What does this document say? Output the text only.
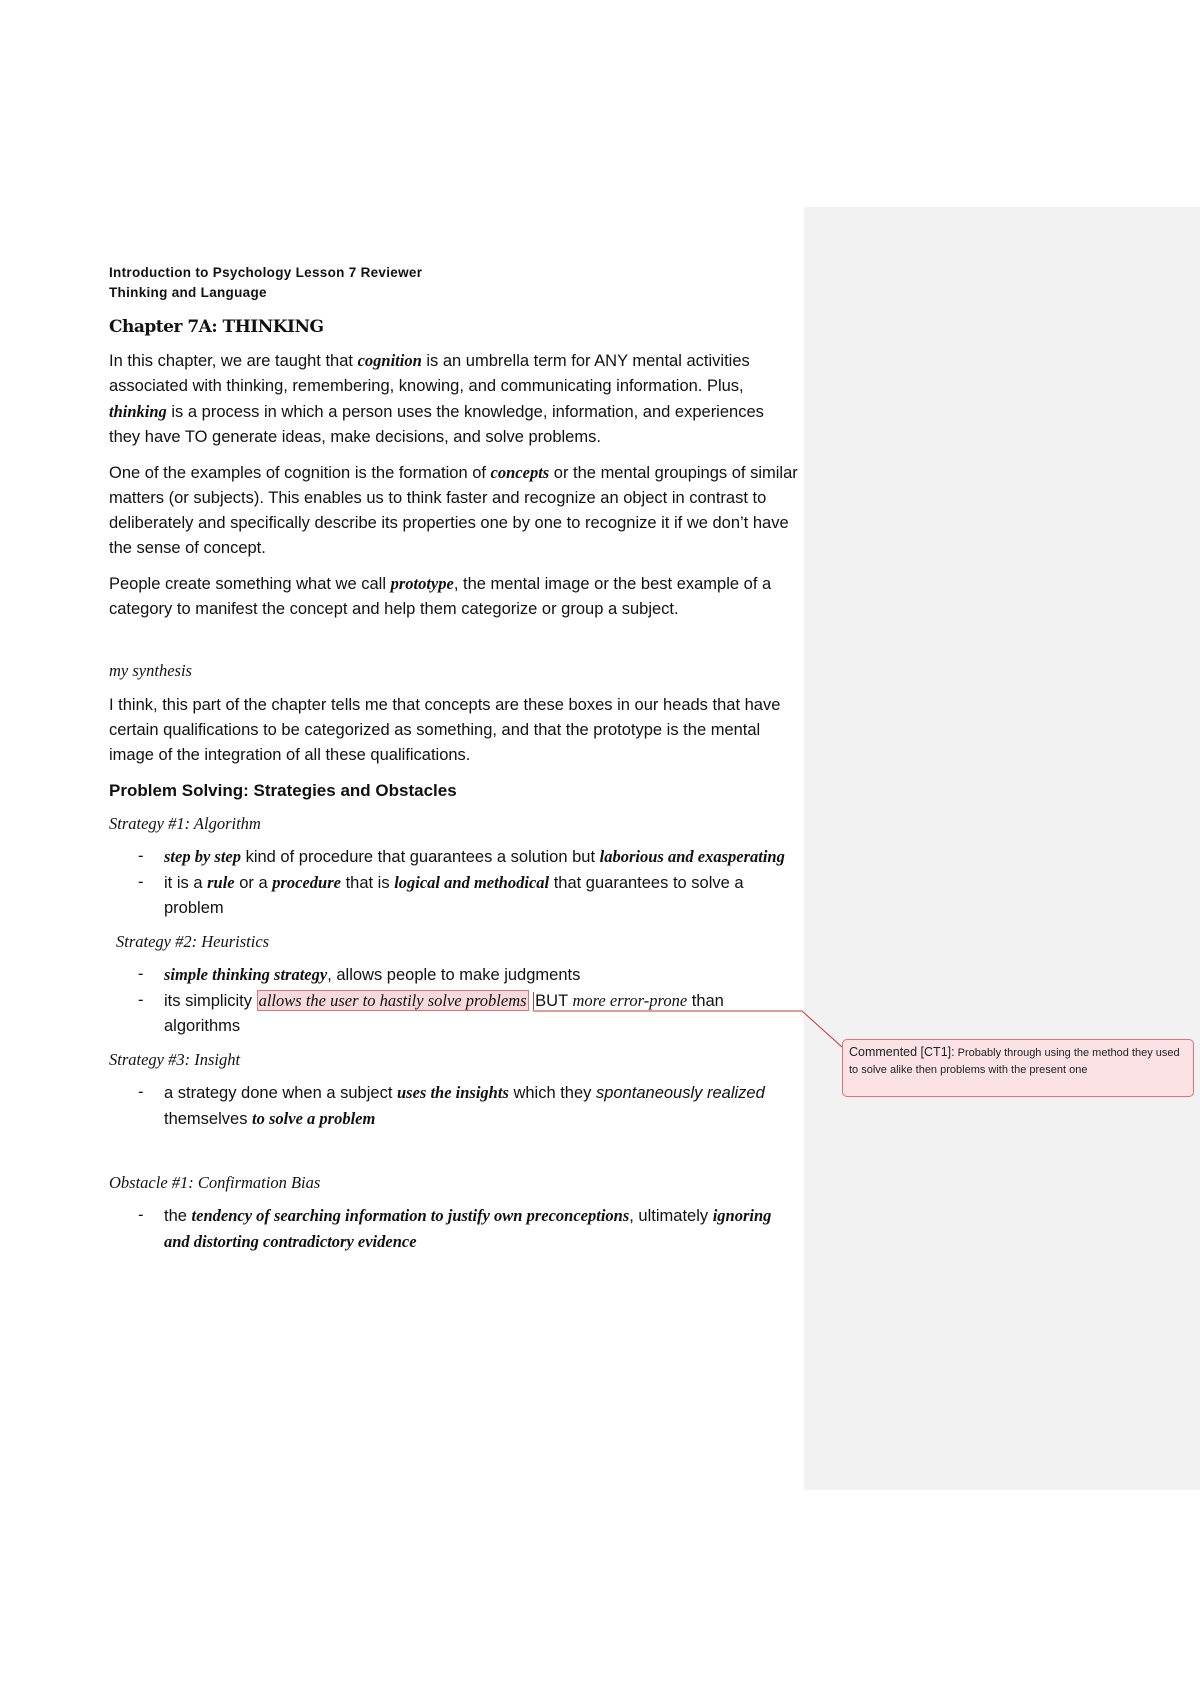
Introduction to Psychology Lesson 7 Reviewer
Thinking and Language
Chapter 7A: THINKING

In this chapter, we are taught that cognition is an umbrella term for ANY mental activities associated with thinking, remembering, knowing, and communicating information. Plus, thinking is a process in which a person uses the knowledge, information, and experiences they have TO generate ideas, make decisions, and solve problems.

One of the examples of cognition is the formation of concepts or the mental groupings of similar matters (or subjects). This enables us to think faster and recognize an object in contrast to deliberately and specifically describe its properties one by one to recognize it if we don’t have the sense of concept.

People create something what we call prototype, the mental image or the best example of a category to manifest the concept and help them categorize or group a subject.

my synthesis

I think, this part of the chapter tells me that concepts are these boxes in our heads that have certain qualifications to be categorized as something, and that the prototype is the mental image of the integration of all these qualifications.

Problem Solving: Strategies and Obstacles

Strategy #1: Algorithm

- step by step kind of procedure that guarantees a solution but laborious and exasperating
- it is a rule or a procedure that is logical and methodical that guarantees to solve a problem

Strategy #2: Heuristics

- simple thinking strategy, allows people to make judgments
- its simplicity allows the user to hastily solve problems BUT more error-prone than algorithms

Strategy #3: Insight

- a strategy done when a subject uses the insights which they spontaneously realized themselves to solve a problem

Obstacle #1: Confirmation Bias

- the tendency of searching information to justify own preconceptions, ultimately ignoring and distorting contradictory evidence
Commented [CT1]: Probably through using the method they used to solve alike then problems with the present one
